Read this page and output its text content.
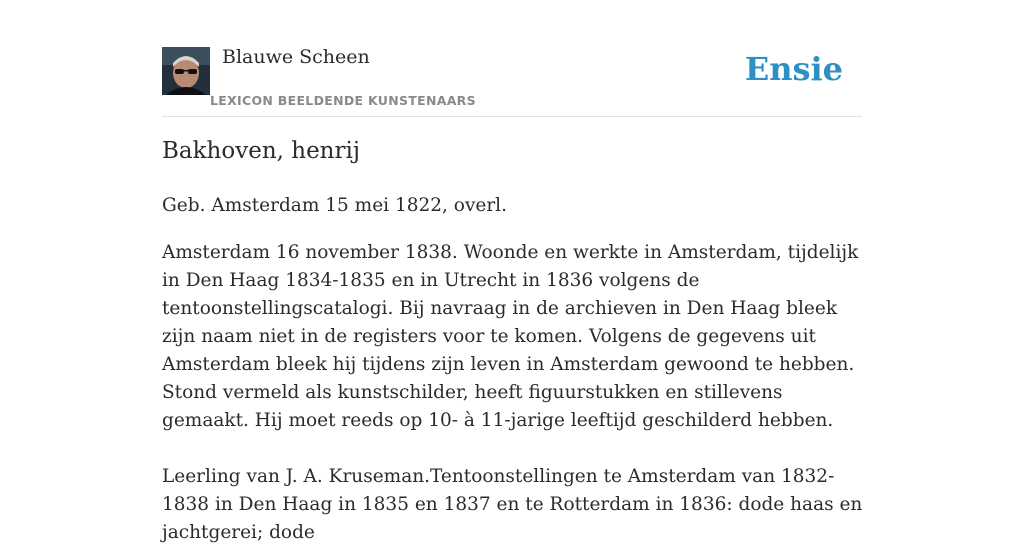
Blauwe Scheen
LEXICON BEELDENDE KUNSTENAARS
Ensie
Bakhoven, henrij

Geb. Amsterdam 15 mei 1822, overl.

Amsterdam 16 november 1838. Woonde en werkte in Amsterdam, tijdelijk in Den Haag 1834-1835 en in Utrecht in 1836 volgens de tentoonstellingscatalogi. Bij navraag in de archieven in Den Haag bleek zijn naam niet in de registers voor te komen. Volgens de gegevens uit Amsterdam bleek hij tijdens zijn leven in Amsterdam gewoond te hebben. Stond vermeld als kunstschilder, heeft figuurstukken en stillevens gemaakt. Hij moet reeds op 10- à 11-jarige leeftijd geschilderd hebben.

Leerling van J. A. Kruseman.Tentoonstellingen te Amsterdam van 1832-1838 in Den Haag in 1835 en 1837 en te Rotterdam in 1836: dode haas en jachtgerei; dode
